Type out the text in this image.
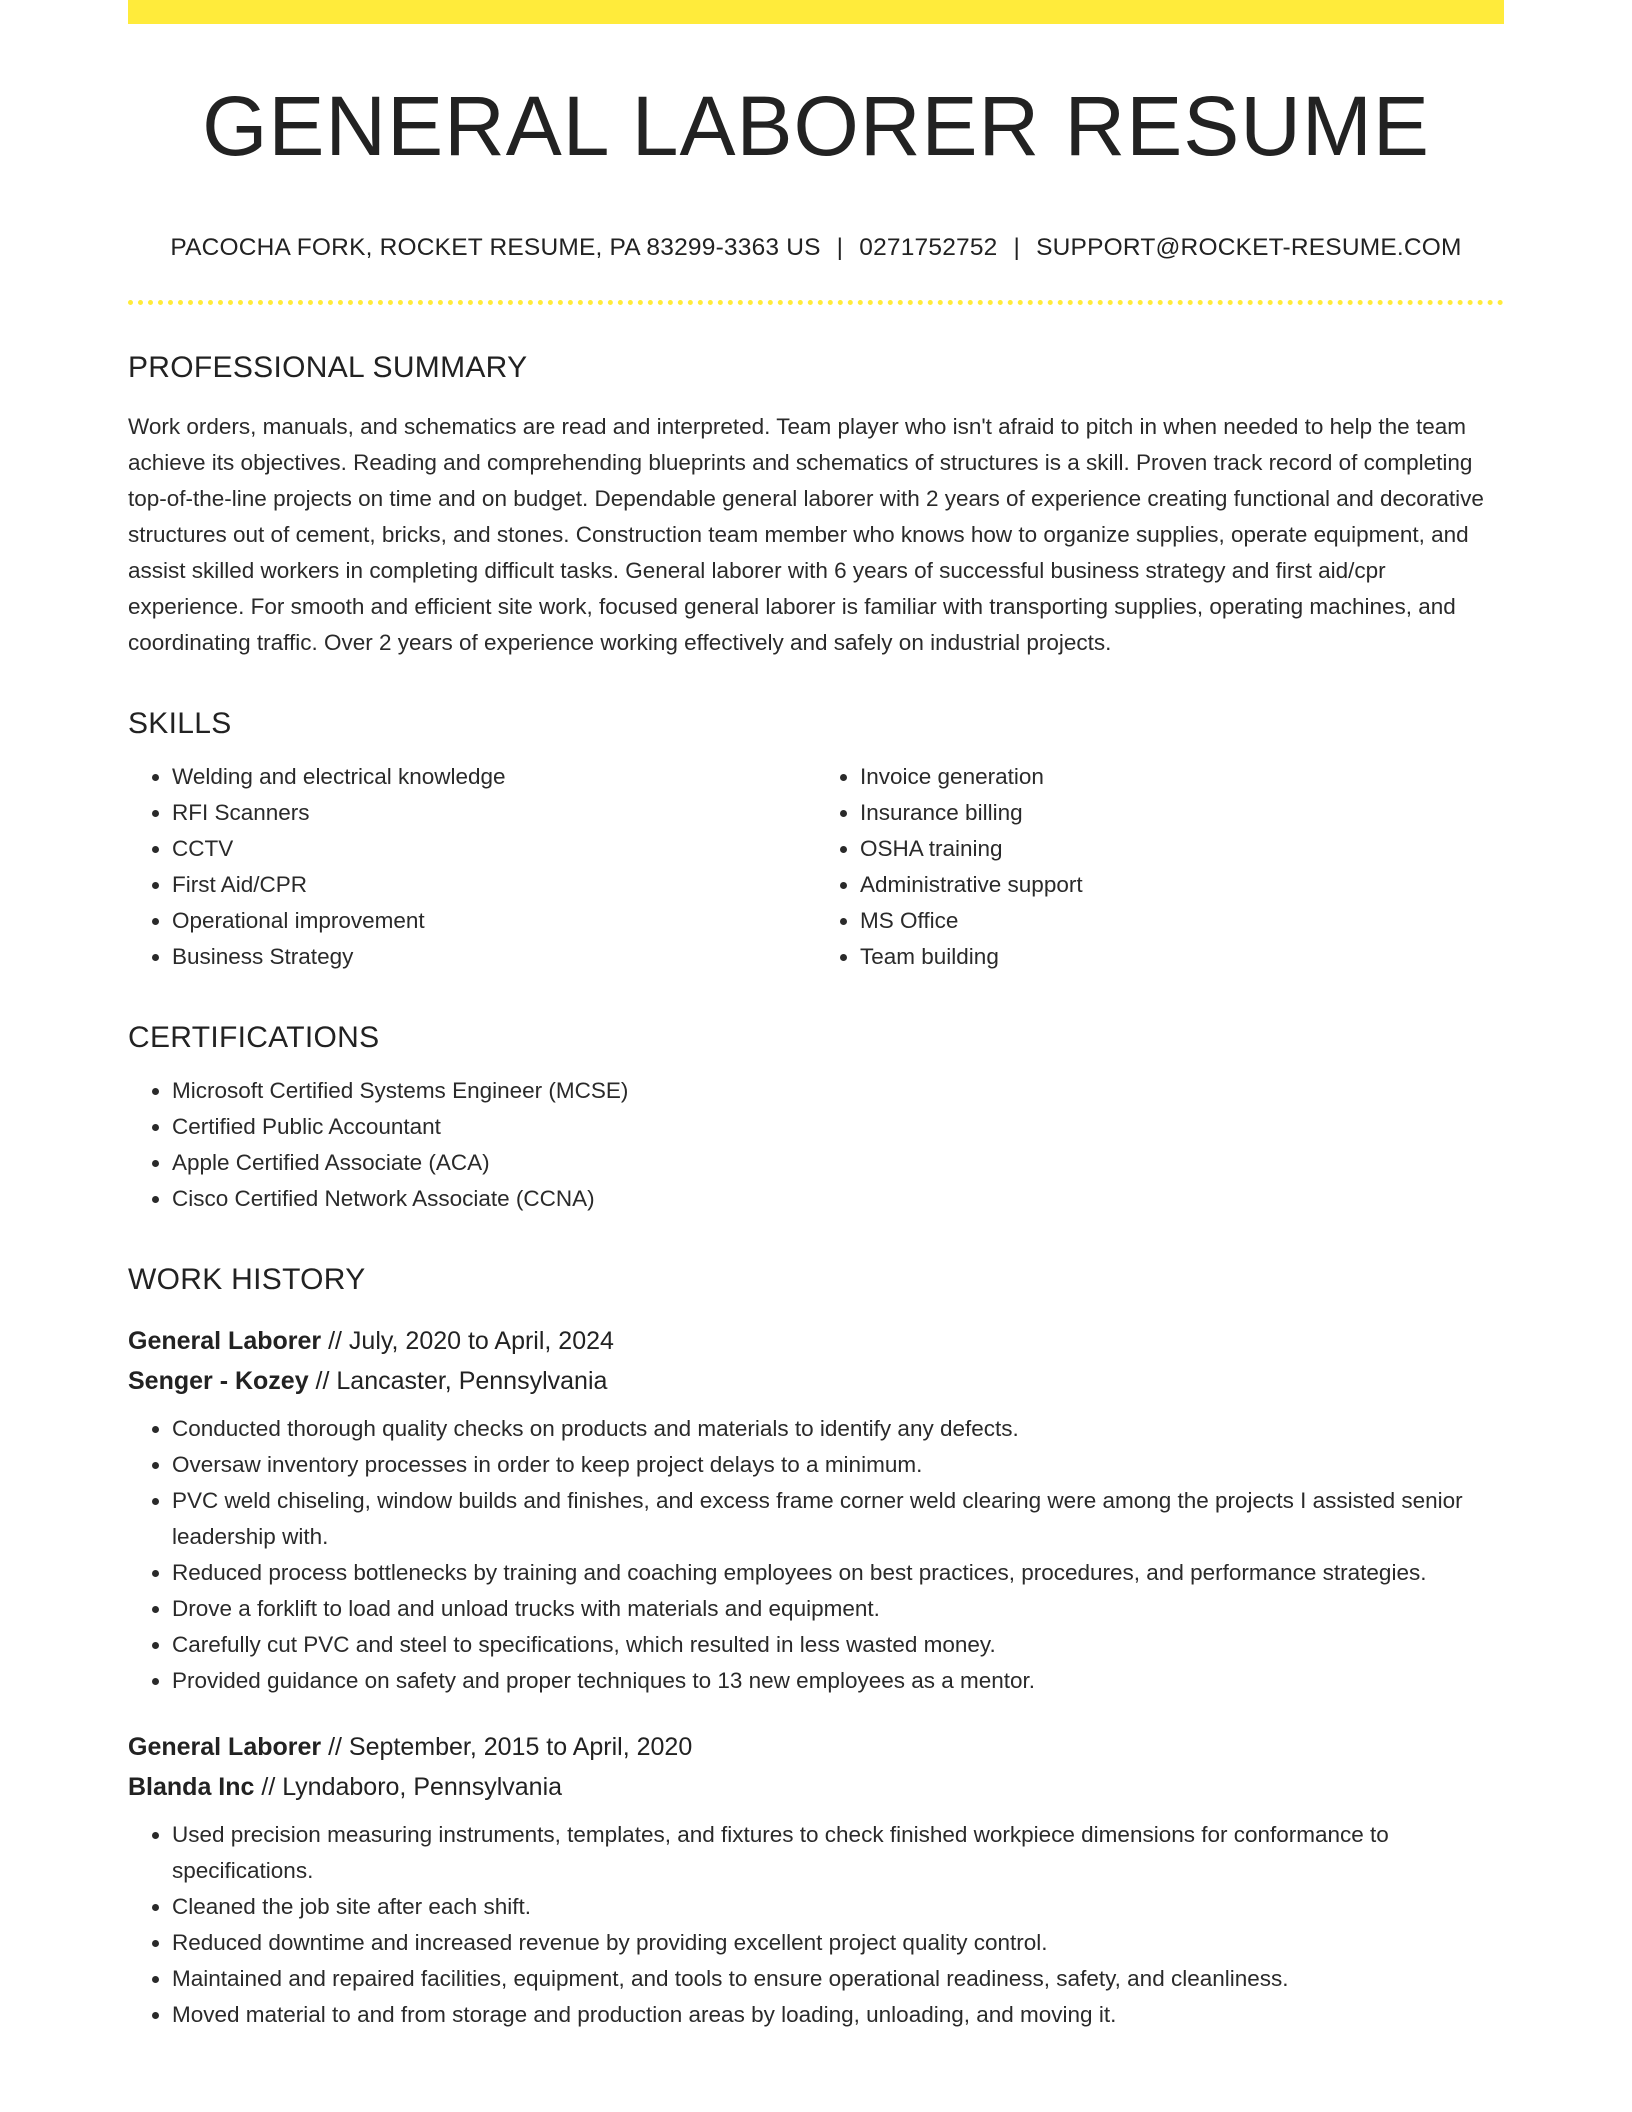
GENERAL LABORER RESUME
PACOCHA FORK, ROCKET RESUME, PA 83299-3363 US | 0271752752 | SUPPORT@ROCKET-RESUME.COM
PROFESSIONAL SUMMARY

Work orders, manuals, and schematics are read and interpreted. Team player who isn't afraid to pitch in when needed to help the team achieve its objectives. Reading and comprehending blueprints and schematics of structures is a skill. Proven track record of completing top-of-the-line projects on time and on budget. Dependable general laborer with 2 years of experience creating functional and decorative structures out of cement, bricks, and stones. Construction team member who knows how to organize supplies, operate equipment, and assist skilled workers in completing difficult tasks. General laborer with 6 years of successful business strategy and first aid/cpr experience. For smooth and efficient site work, focused general laborer is familiar with transporting supplies, operating machines, and coordinating traffic. Over 2 years of experience working effectively and safely on industrial projects.

SKILLS
• Welding and electrical knowledge
• RFI Scanners
• CCTV
• First Aid/CPR
• Operational improvement
• Business Strategy
• Invoice generation
• Insurance billing
• OSHA training
• Administrative support
• MS Office
• Team building
CERTIFICATIONS
• Microsoft Certified Systems Engineer (MCSE)
• Certified Public Accountant
• Apple Certified Associate (ACA)
• Cisco Certified Network Associate (CCNA)
WORK HISTORY
General Laborer // July, 2020 to April, 2024
Senger - Kozey // Lancaster, Pennsylvania
• Conducted thorough quality checks on products and materials to identify any defects.
• Oversaw inventory processes in order to keep project delays to a minimum.
• PVC weld chiseling, window builds and finishes, and excess frame corner weld clearing were among the projects I assisted senior leadership with.
• Reduced process bottlenecks by training and coaching employees on best practices, procedures, and performance strategies.
• Drove a forklift to load and unload trucks with materials and equipment.
• Carefully cut PVC and steel to specifications, which resulted in less wasted money.
• Provided guidance on safety and proper techniques to 13 new employees as a mentor.
General Laborer // September, 2015 to April, 2020
Blanda Inc // Lyndaboro, Pennsylvania
• Used precision measuring instruments, templates, and fixtures to check finished workpiece dimensions for conformance to specifications.
• Cleaned the job site after each shift.
• Reduced downtime and increased revenue by providing excellent project quality control.
• Maintained and repaired facilities, equipment, and tools to ensure operational readiness, safety, and cleanliness.
• Moved material to and from storage and production areas by loading, unloading, and moving it.
